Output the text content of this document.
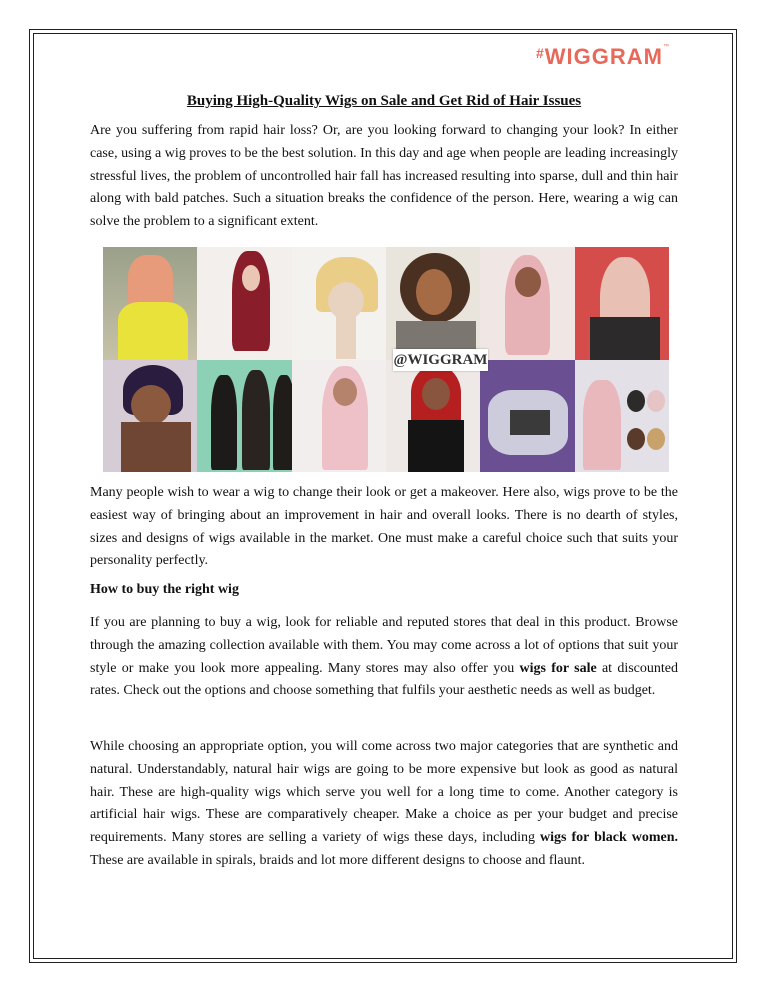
#WIGGRAM™
Buying High-Quality Wigs on Sale and Get Rid of Hair Issues

Are you suffering from rapid hair loss? Or, are you looking forward to changing your look? In either case, using a wig proves to be the best solution. In this day and age when people are leading increasingly stressful lives, the problem of uncontrolled hair fall has increased resulting into sparse, dull and thin hair along with bald patches. Such a situation breaks the confidence of the person. Here, wearing a wig can solve the problem to a significant extent.

@WIGGRAM

Many people wish to wear a wig to change their look or get a makeover. Here also, wigs prove to be the easiest way of bringing about an improvement in hair and overall looks. There is no dearth of styles, sizes and designs of wigs available in the market. One must make a careful choice such that suits your personality perfectly.

How to buy the right wig

If you are planning to buy a wig, look for reliable and reputed stores that deal in this product. Browse through the amazing collection available with them. You may come across a lot of options that suit your style or make you look more appealing. Many stores may also offer you wigs for sale at discounted rates. Check out the options and choose something that fulfils your aesthetic needs as well as budget.

While choosing an appropriate option, you will come across two major categories that are synthetic and natural. Understandably, natural hair wigs are going to be more expensive but look as good as natural hair. These are high-quality wigs which serve you well for a long time to come. Another category is artificial hair wigs. These are comparatively cheaper. Make a choice as per your budget and precise requirements. Many stores are selling a variety of wigs these days, including wigs for black women. These are available in spirals, braids and lot more different designs to choose and flaunt.
